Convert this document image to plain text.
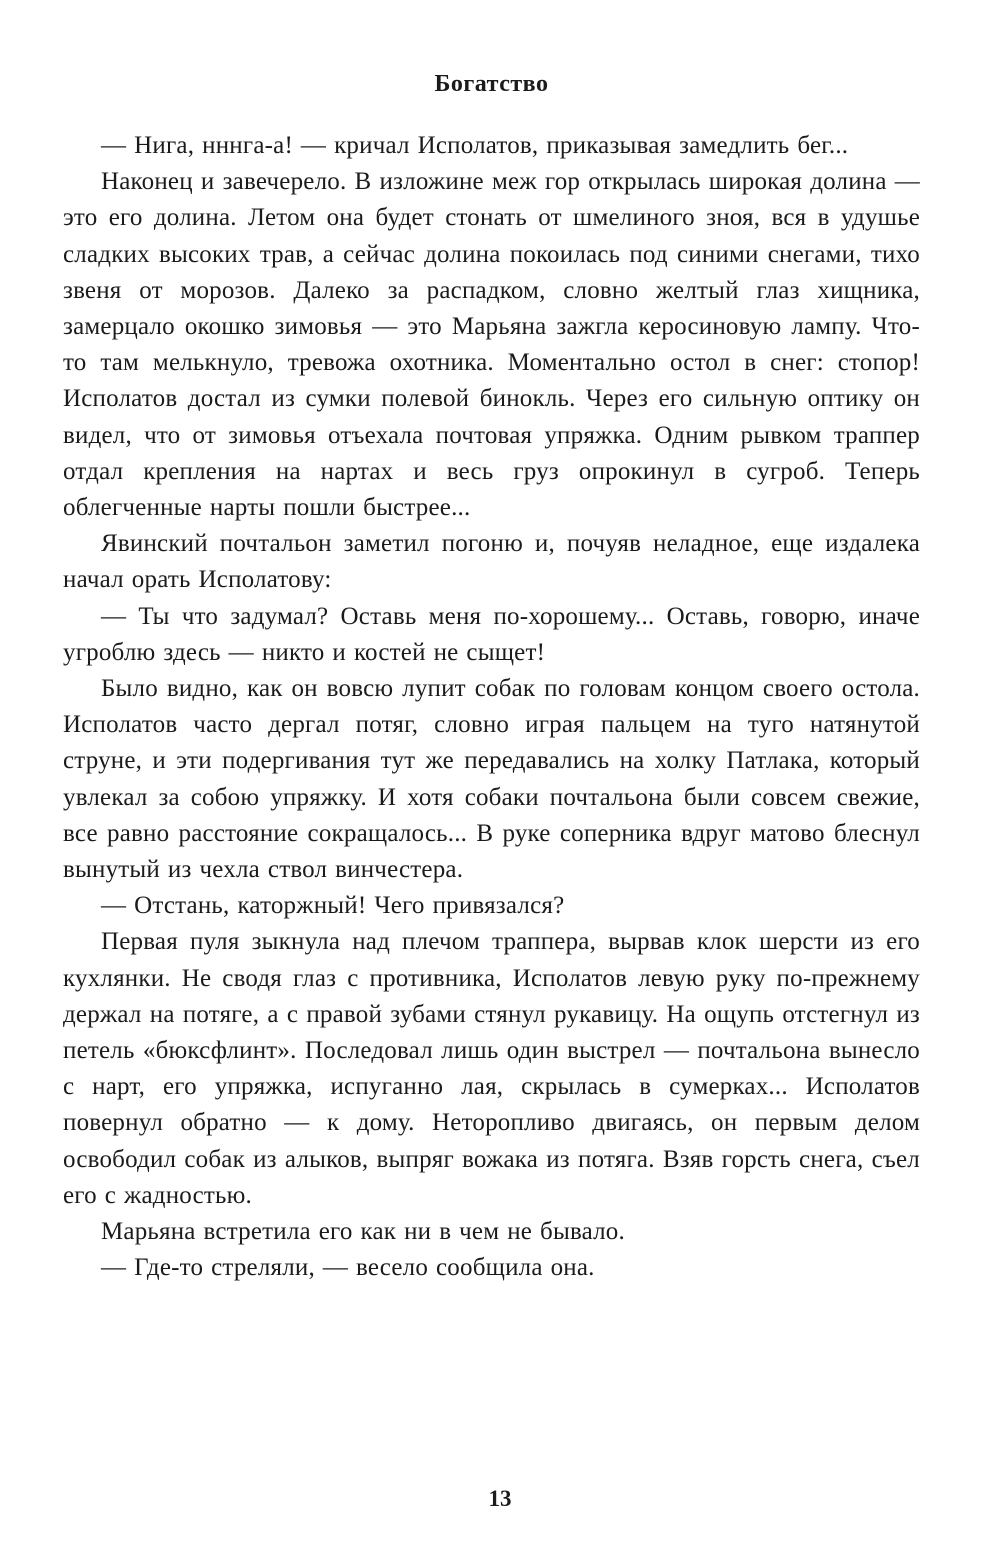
Богатство

— Нига, нннга-а! — кричал Исполатов, приказывая замедлить бег...

Наконец и завечерело. В изложине меж гор открылась широкая долина — это его долина. Летом она будет стонать от шмелиного зноя, вся в удушье сладких высоких трав, а сейчас долина покоилась под синими снегами, тихо звеня от морозов. Далеко за распадком, словно желтый глаз хищника, замерцало окошко зимовья — это Марьяна зажгла керосиновую лампу. Что-то там мелькнуло, тревожа охотника. Моментально остол в снег: стопор! Исполатов достал из сумки полевой бинокль. Через его сильную оптику он видел, что от зимовья отъехала почтовая упряжка. Одним рывком траппер отдал крепления на нартах и весь груз опрокинул в сугроб. Теперь облегченные нарты пошли быстрее...

Явинский почтальон заметил погоню и, почуяв неладное, еще издалека начал орать Исполатову:

— Ты что задумал? Оставь меня по-хорошему... Оставь, говорю, иначе угроблю здесь — никто и костей не сыщет!

Было видно, как он вовсю лупит собак по головам концом своего остола. Исполатов часто дергал потяг, словно играя пальцем на туго натянутой струне, и эти подергивания тут же передавались на холку Патлака, который увлекал за собою упряжку. И хотя собаки почтальона были совсем свежие, все равно расстояние сокращалось... В руке соперника вдруг матово блеснул вынутый из чехла ствол винчестера.

— Отстань, каторжный! Чего привязался?

Первая пуля зыкнула над плечом траппера, вырвав клок шерсти из его кухлянки. Не сводя глаз с противника, Исполатов левую руку по-прежнему держал на потяге, а с правой зубами стянул рукавицу. На ощупь отстегнул из петель «бюксфлинт». Последовал лишь один выстрел — почтальона вынесло с нарт, его упряжка, испуганно лая, скрылась в сумерках... Исполатов повернул обратно — к дому. Неторопливо двигаясь, он первым делом освободил собак из алыков, выпряг вожака из потяга. Взяв горсть снега, съел его с жадностью.

Марьяна встретила его как ни в чем не бывало.

— Где-то стреляли, — весело сообщила она.

13
